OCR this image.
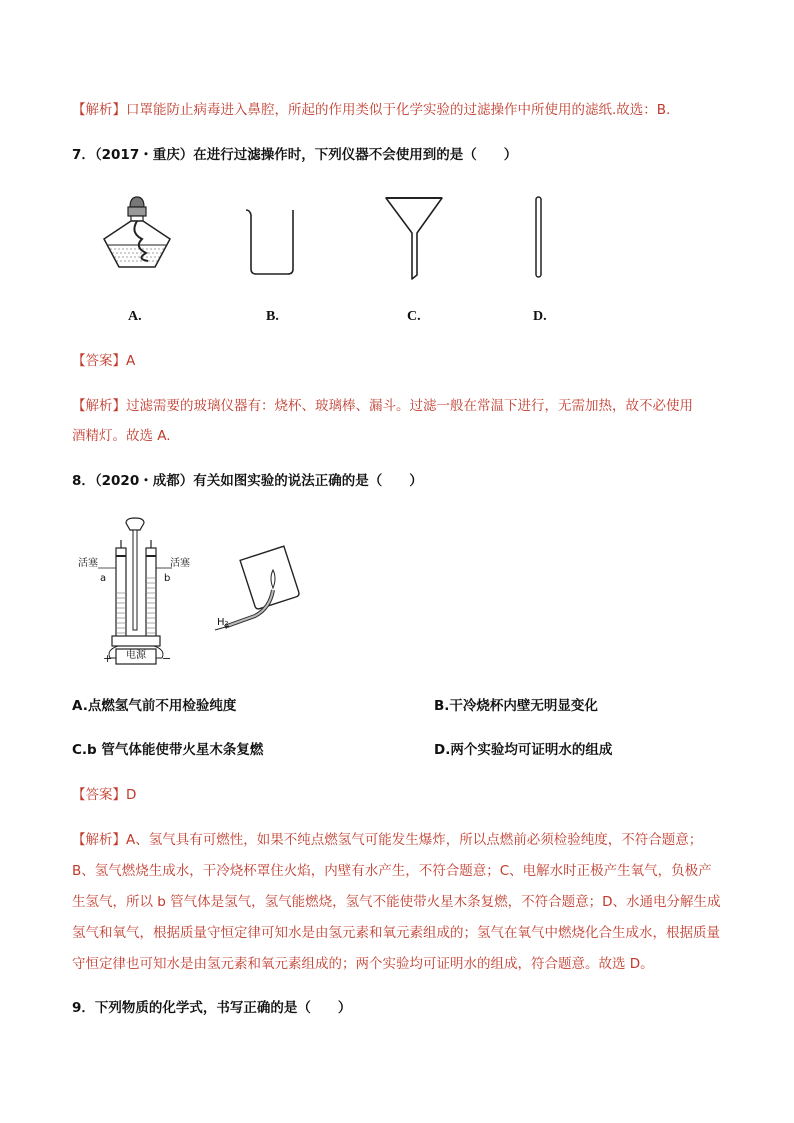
【解析】口罩能防止病毒进入鼻腔，所起的作用类似于化学实验的过滤操作中所使用的滤纸.故选：B.
7．（2017・重庆）在进行过滤操作时，下列仪器不会使用到的是（　　）
A.	B.	C.	D.
【答案】A
【解析】过滤需要的玻璃仪器有：烧杯、玻璃棒、漏斗。过滤一般在常温下进行，无需加热，故不必使用
酒精灯。故选 A.
8．（2020・成都）有关如图实验的说法正确的是（　　）
活塞	活塞
a	b
电源
+	−
H₂
A.点燃氢气前不用检验纯度	B.干冷烧杯内壁无明显变化
C.b 管气体能使带火星木条复燃	D.两个实验均可证明水的组成
【答案】D
【解析】A、氢气具有可燃性，如果不纯点燃氢气可能发生爆炸，所以点燃前必须检验纯度，不符合题意；B、氢气燃烧生成水，干冷烧杯罩住火焰，内壁有水产生，不符合题意；C、电解水时正极产生氧气，负极产生氢气，所以 b 管气体是氢气，氢气能燃烧，氢气不能使带火星木条复燃，不符合题意；D、水通电分解生成氢气和氧气，根据质量守恒定律可知水是由氢元素和氧元素组成的；氢气在氧气中燃烧化合生成水，根据质量守恒定律也可知水是由氢元素和氧元素组成的；两个实验均可证明水的组成，符合题意。故选 D。
9．下列物质的化学式，书写正确的是（　　）
